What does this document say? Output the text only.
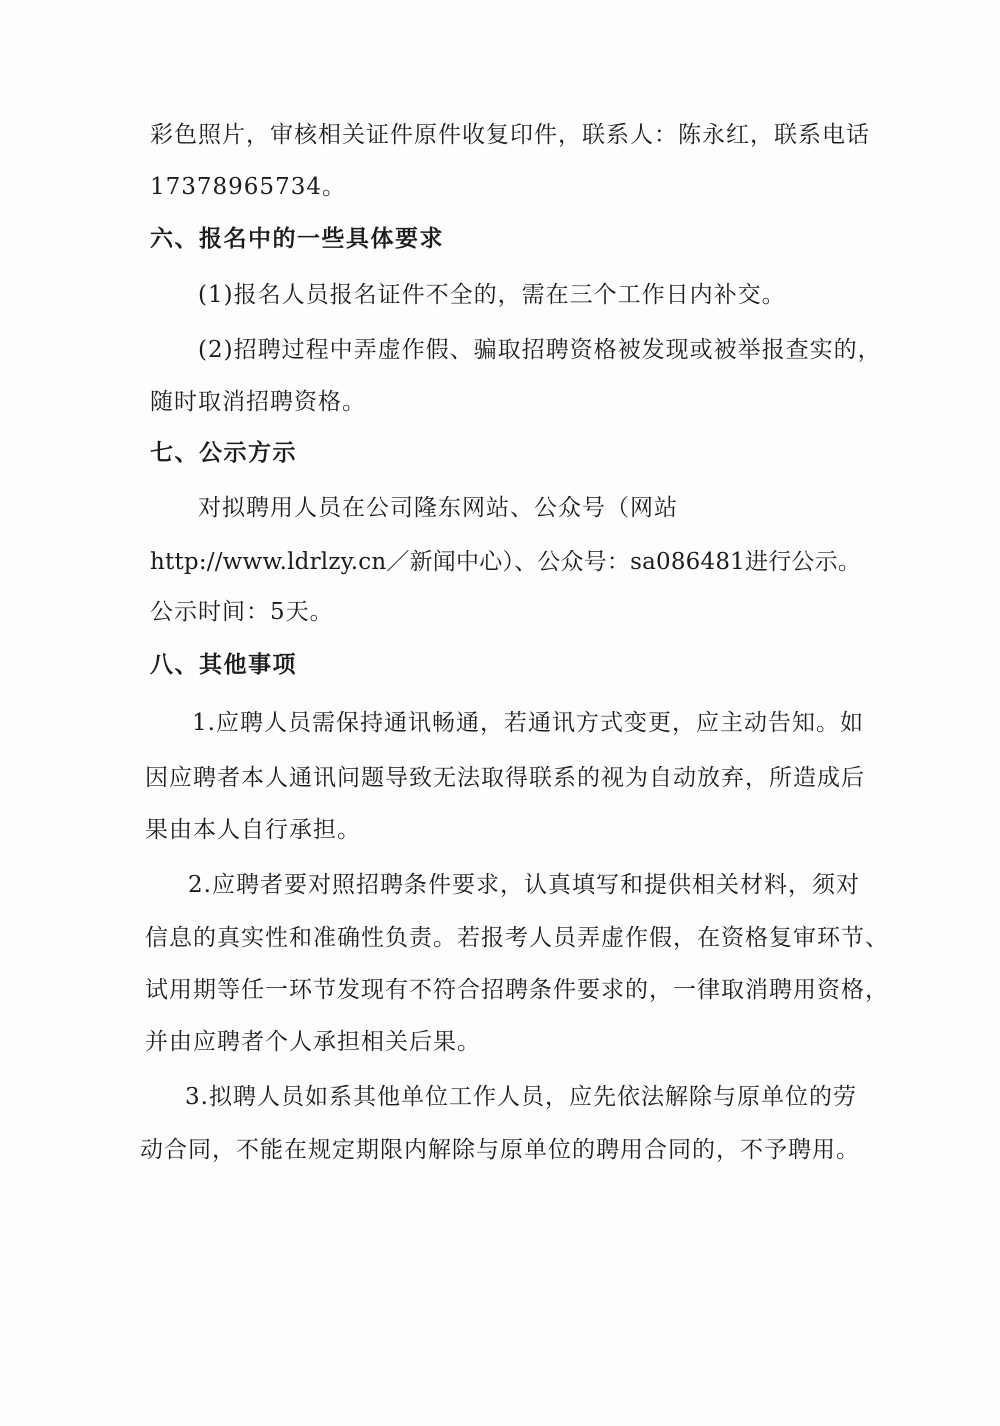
彩色照片，审核相关证件原件收复印件，联系人：陈永红，联系电话
17378965734。
六、报名中的一些具体要求
(1)报名人员报名证件不全的，需在三个工作日内补交。
(2)招聘过程中弄虚作假、骗取招聘资格被发现或被举报查实的，
随时取消招聘资格。
七、公示方示
对拟聘用人员在公司隆东网站、公众号（网站
http://www.ldrlzy.cn／新闻中心）、公众号：sa086481进行公示。
公示时间：5天。
八、其他事项
1.应聘人员需保持通讯畅通，若通讯方式变更，应主动告知。如
因应聘者本人通讯问题导致无法取得联系的视为自动放弃，所造成后
果由本人自行承担。
2.应聘者要对照招聘条件要求，认真填写和提供相关材料，须对
信息的真实性和准确性负责。若报考人员弄虚作假，在资格复审环节、
试用期等任一环节发现有不符合招聘条件要求的，一律取消聘用资格，
并由应聘者个人承担相关后果。
3.拟聘人员如系其他单位工作人员，应先依法解除与原单位的劳
动合同，不能在规定期限内解除与原单位的聘用合同的，不予聘用。
